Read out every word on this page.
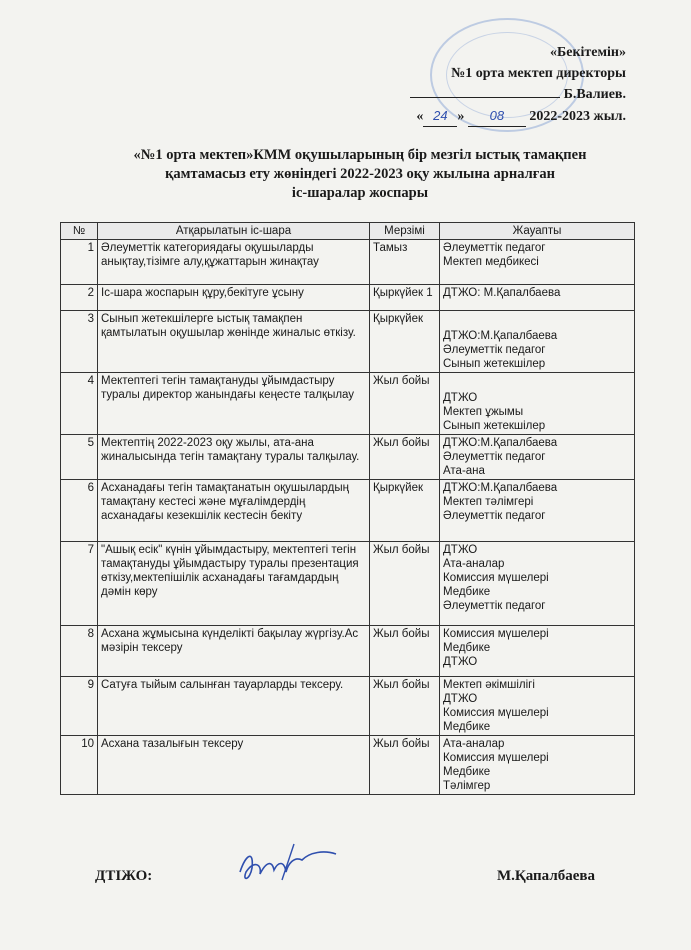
«Бекітемін»
№1 орта мектеп директоры
Б.Валиев.
« 24 » 08 2022-2023 жыл.
«№1 орта мектеп»КММ оқушыларының бір мезгіл ыстық тамақпен
қамтамасыз ету жөніндегі 2022-2023 оқу жылына арналған
іс-шаралар жоспары
№	Атқарылатын іс-шара	Мерзімі	Жауапты
1	Әлеуметтік категориядағы оқушыларды анықтау,тізімге алу,құжаттарын жинақтау	Тамыз	Әлеуметтік педагог
Мектеп медбикесі

2	Іс-шара жоспарын құру,бекітуге ұсыну	Қыркүйек 1	ДТЖО: М.Қапалбаева

3	Сынып жетекшілерге ыстық тамақпен қамтылатын оқушылар жөнінде жиналыс өткізу.	Қыркүйек	ДТЖО:М.Қапалбаева
Әлеуметтік педагог
Сынып жетекшілер

4	Мектептегі тегін тамақтануды ұйымдастыру туралы директор жанындағы кеңесте талқылау	Жыл бойы	ДТЖО
Мектеп ұжымы
Сынып жетекшілер

5	Мектептің 2022-2023 оқу жылы, ата-ана жиналысында тегін тамақтану туралы талқылау.	Жыл бойы	ДТЖО:М.Қапалбаева
Әлеуметтік педагог
Ата-ана

6	Асханадағы тегін тамақтанатын оқушылардың тамақтану кестесі және мұғалімдердің асханадағы кезекшілік кестесін бекіту	Қыркүйек	ДТЖО:М.Қапалбаева
Мектеп тәлімгері
Әлеуметтік педагог

7	"Ашық есік" күнін ұйымдастыру, мектептегі тегін тамақтануды ұйымдастыру туралы презентация өткізу,мектепішілік асханадағы тағамдардың дәмін көру	Жыл бойы	ДТЖО
Ата-аналар
Комиссия мүшелері
Медбике
Әлеуметтік педагог

8	Асхана жұмысына күнделікті бақылау жүргізу.Ас мәзірін тексеру	Жыл бойы	Комиссия мүшелері
Медбике
ДТЖО

9	Сатуға тыйым салынған тауарларды тексеру.	Жыл бойы	Мектеп әкімшілігі
ДТЖО
Комиссия мүшелері
Медбике

10	Асхана тазалығын тексеру	Жыл бойы	Ата-аналар
Комиссия мүшелері
Медбике
Тәлімгер
ДТІЖО:	М.Қапалбаева
